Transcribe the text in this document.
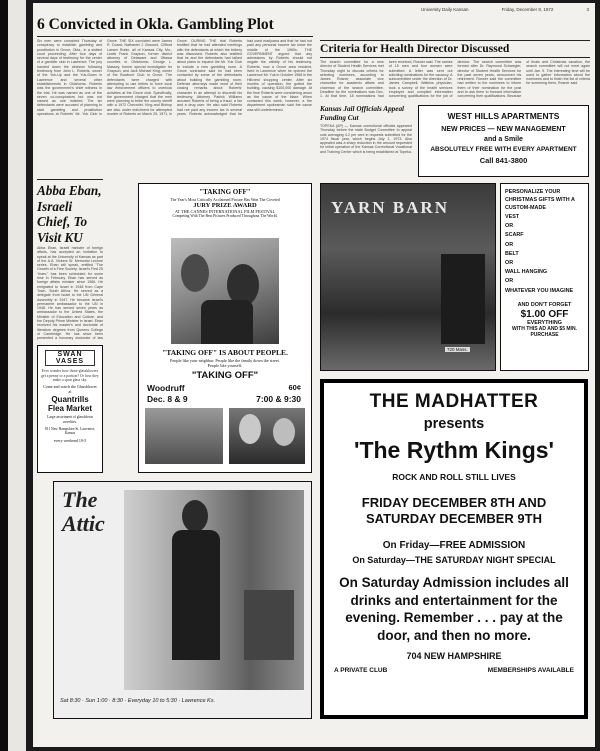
University Daily Kansan	Friday, December 8, 1972	3
6 Convicted in Okla. Gambling Plot
Six men were convicted Thursday of conspiracy to establish gambling and prostitution in Grove, Okla., in a slotted court proceeding. After four days of several days of testimony for the center of a gambler club in Lawrence. The jury handed down the decision following testimony from John L. Roberts, owner of the Yuk-Up and the Yuk-Down in Lawrence and several other establishments in Oklahoma. Roberts was the government's chief witness in the trial. He was named as one of the seven co-conspirators but was not named as one indicted. The six defendants were accused of planning to start gambling and prostitution operations at Roberts' Mr. Yuk Club in Grove. THE SIX convicted were James R. Duard, Nathaniel J. Bosconi, Clifford Larsen Rubin, all of Kansas City, Mo., Lewis Frank Grayson, former district attorney of Delaware and Ottawa counties in Oklahoma; George L. Massey, former special investigator for Grayson; and Jack Michael King, owner of the Bowhunt Club in Grove. The defendants were charged with attempting to use bribes to force local law enforcement officers to overlook activities at the Grove club. Specifically, the government charged that the men were planning to bribe the county sheriff with a 1972 Chevrolet. King and Bishop are also under indictment for attempted murder of Roberts on March 25, 1971, in Grove. DURING THE trial Roberts testified that he had attended meetings with the defendants at which the bribery was discussed. Roberts also testified that he and the defendants had talked about plans to expand the Mr. Yuk Club to include a new gambling room. A Grove contractor said he had been contacted by some of the defendants about building the gambling room. Defense attorneys made most of their closing remarks about Roberts' character in an attempt to discredit his testimony. Attorney Patrick Williams accused Roberts of being a fraud, a liar and a drug user. He also said Roberts had not paid any income tax in several years. Roberts acknowledged that he had used marijuana and that he had not paid any personal income tax since the middle of the 1960s. THE GOVERNMENT argued that any admissions by Roberts should not negate the validity of his testimony. Roberts, now a Grove area resident, lived in Lawrence when he opened the Lawrence Mr. Yuk in October 1968 in the Hillcrest shopping center. After six months of operation, fire gutted the building, causing $100,000 damage. At the time Roberts were considering arson as the cause of the blaze. When contacted this week, however, a fire department spokesman said the cause was still undetermined.
Abba Eban, Israeli Chief, To Visit KU
Abba Eban, Israeli minister of foreign affairs, has accepted an invitation to speak at the University of Kansas as part of the A.A. Vickers Sr. Memorial Lecture series. Eban will speak, entitled "The Growth of a Free Society: Israel's First 25 Years," has been scheduled for some time in February. Eban has served as foreign affairs minister since 1966. He emigrated to Israel in 1948 from Cape Town, South Africa. He served as a delegate from Israel to the UN General Assembly in 1947. He became Israel's permanent ambassador to the UN in 1948. He has served seven years as ambassador to the United States, the Minister of Education and Culture, and the Deputy Prime Minister in Israel. Eban received his master's and doctorate of literature degrees from Queens College of Cambridge. He has since been presented a honorary doctorate of law
SWAN VASES
Ever wonder how those glassblowers get a penny or a portion? Or how they make a spun glass sky.
Come and watch the Glassblower
at
Quantrills
Flea Market
Large assortment of glassblown novelties.
811 New Hampshire St. Lawrence, Kansas
every weekend 10-5
"TAKING OFF"
The Year's Most Critically Acclaimed Picture Has Won The Coveted
JURY PRIZE AWARD
AT THE CANNES INTERNATIONAL FILM FESTIVAL
Competing With The Best Pictures Produced Throughout The World.
"TAKING OFF" IS ABOUT PEOPLE.
People like your neighbor. People like the family down the street. People like yourself.
"TAKING OFF"
Woodruff	60¢
Dec. 8 & 9	7:00 & 9:30
The
Attic
Sat 8:30 · Sun 1:00 · 8:30 · Everyday 10 to 5:30 · Lawrence Ks.
Criteria for Health Director Discussed
The search committee for a new director of Student Health Services met Thursday night to discuss criteria for selecting nominees, according to James Rosner, associate vice chancellor for academic affairs and chairman of the search committee. Deadline for the nominations was Dec. 1. At that time, 18 nominations had been received, Rosner said. The names of 15 men and four women were submitted. A letter was sent out soliciting nominations for the vacancy. A subcommittee under the direction of Dr. James Campbell, Watkins physician, took a survey of the health services employee and compiled information concerning qualifications for the job of director. The search committee was formed after Dr. Raymond Schwegler, director of Student Health Services for the past seven years, announced his retirement. Rosner said the committee had written to the nominees to inform them of their nomination for the post and to ask them to forward information concerning their qualifications. Because of finals and Christmas vacation, the search committee will not meet again until Jan. 9. The interesting time will be used to gather information about the nominees and to finish the list of criteria for screening them, Rosner said.
Kansas Jail Officials Appeal Funding Cut
TOPEKA (AP) — Kansas correctional officials appeared Thursday before the state Budget Committee to appeal cuts averaging 4.2 per cent in requests submitted for the 1974 fiscal year, which begins July 1, 1973. Also appealed was a sharp reduction in the amount requested for initial operation of the Kansas Correctional Vocational and Training Center which is being established at Topeka.
WEST HILLS APARTMENTS
NEW PRICES — NEW MANAGEMENT
and a Smile
ABSOLUTELY FREE WITH EVERY APARTMENT
Call 841-3800
YARN BARN
720 Mass.
PERSONALIZE YOUR CHRISTMAS GIFTS WITH A CUSTOM-MADE
VEST
OR
SCARF
OR
BELT
OR
WALL HANGING
OR
WHATEVER YOU IMAGINE
AND DON'T FORGET
$1.00 OFF
EVERYTHING
WITH THIS AD AND $5 MIN. PURCHASE
THE MADHATTER
presents
'The Rythm Kings'
ROCK AND ROLL STILL LIVES
FRIDAY DECEMBER 8TH AND
SATURDAY DECEMBER 9TH
On Friday—FREE ADMISSION
On Saturday—THE SATURDAY NIGHT SPECIAL
On Saturday Admission includes all drinks and entertainment for the evening. Remember . . . pay at the door, and then no more.
704 NEW HAMPSHIRE
A PRIVATE CLUB	MEMBERSHIPS AVAILABLE
